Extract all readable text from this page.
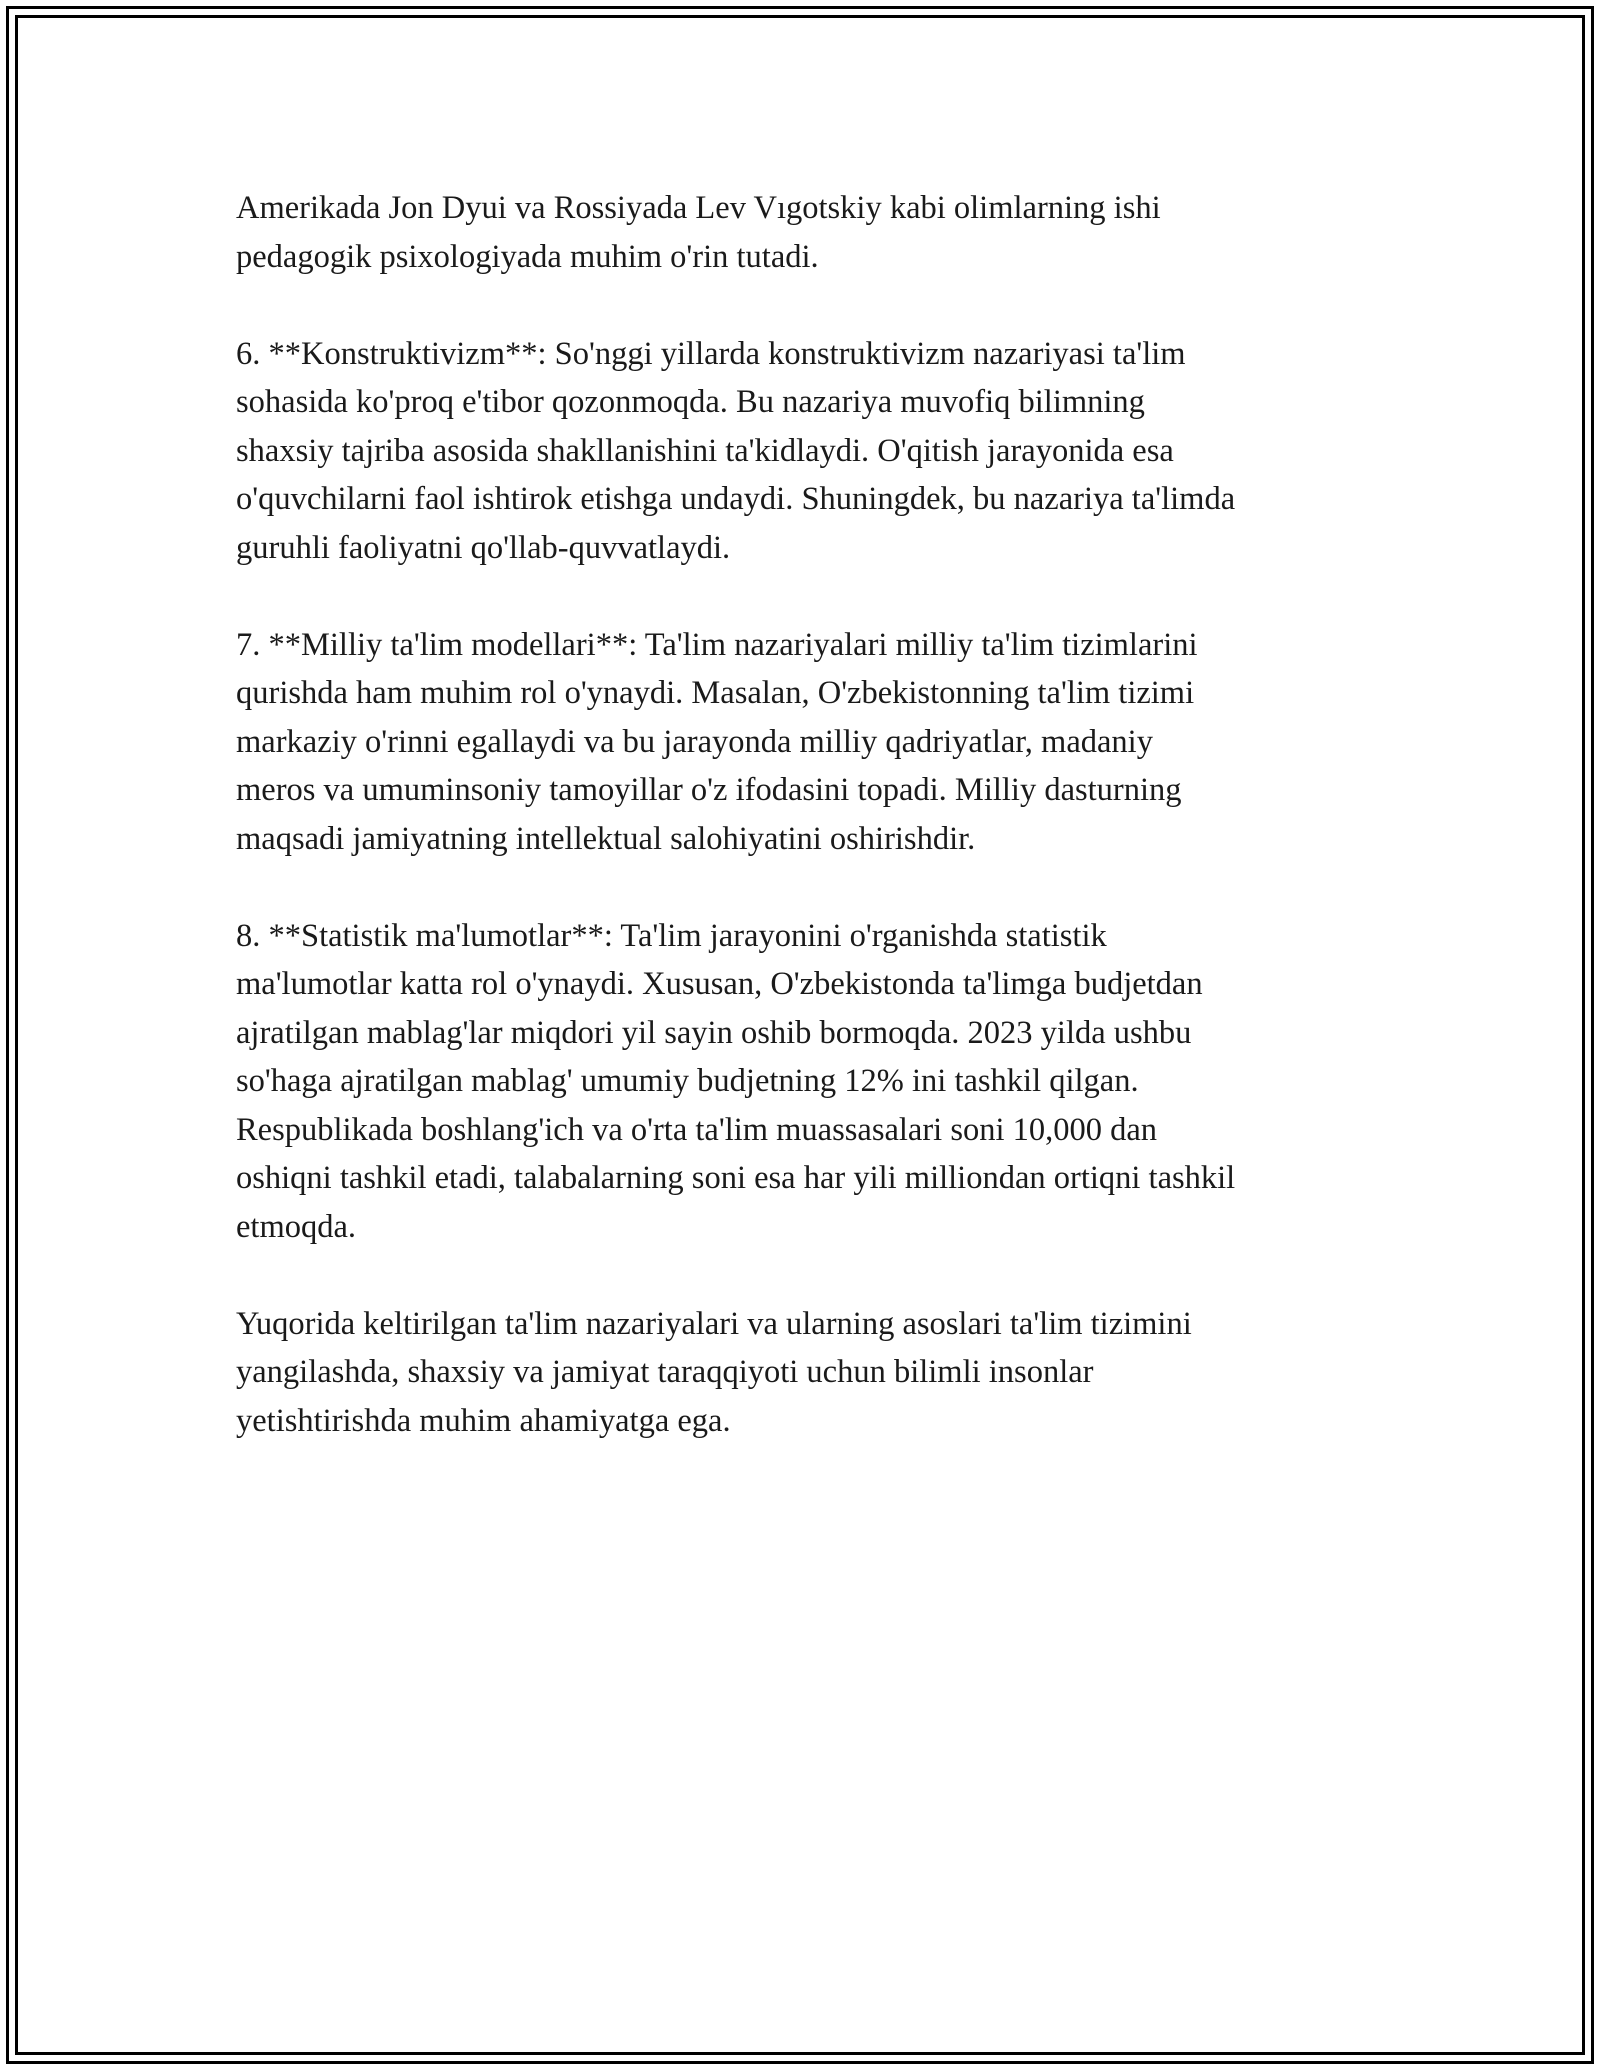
Amerikada Jon Dyui va Rossiyada Lev Vıgotskiy kabi olimlarning ishi
pedagogik psixologiyada muhim o'rin tutadi.

6. **Konstruktivizm**: So'nggi yillarda konstruktivizm nazariyasi ta'lim
sohasida ko'proq e'tibor qozonmoqda. Bu nazariya muvofiq bilimning
shaxsiy tajriba asosida shakllanishini ta'kidlaydi. O'qitish jarayonida esa
o'quvchilarni faol ishtirok etishga undaydi. Shuningdek, bu nazariya ta'limda
guruhli faoliyatni qo'llab-quvvatlaydi.

7. **Milliy ta'lim modellari**: Ta'lim nazariyalari milliy ta'lim tizimlarini
qurishda ham muhim rol o'ynaydi. Masalan, O'zbekistonning ta'lim tizimi
markaziy o'rinni egallaydi va bu jarayonda milliy qadriyatlar, madaniy
meros va umuminsoniy tamoyillar o'z ifodasini topadi. Milliy dasturning
maqsadi jamiyatning intellektual salohiyatini oshirishdir.

8. **Statistik ma'lumotlar**: Ta'lim jarayonini o'rganishda statistik
ma'lumotlar katta rol o'ynaydi. Xususan, O'zbekistonda ta'limga budjetdan
ajratilgan mablag'lar miqdori yil sayin oshib bormoqda. 2023 yilda ushbu
so'haga ajratilgan mablag' umumiy budjetning 12% ini tashkil qilgan.
Respublikada boshlang'ich va o'rta ta'lim muassasalari soni 10,000 dan
oshiqni tashkil etadi, talabalarning soni esa har yili milliondan ortiqni tashkil
etmoqda.

Yuqorida keltirilgan ta'lim nazariyalari va ularning asoslari ta'lim tizimini
yangilashda, shaxsiy va jamiyat taraqqiyoti uchun bilimli insonlar
yetishtirishda muhim ahamiyatga ega.
